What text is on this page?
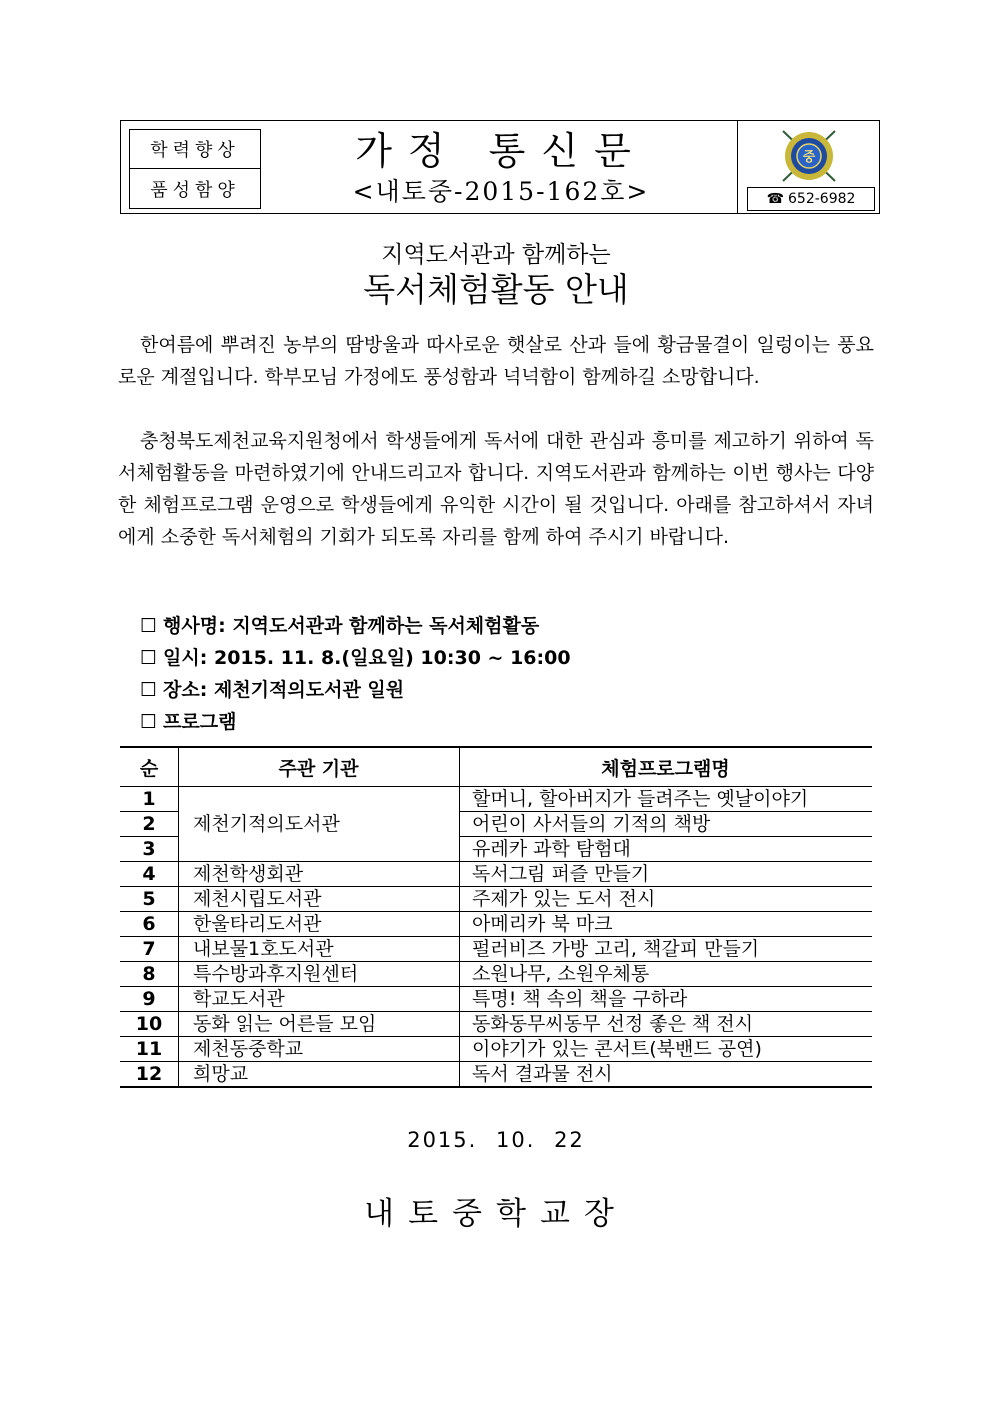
학력향상
품성함양
가정 통신문
<내토중-2015-162호>
중
☎ 652-6982
지역도서관과 함께하는
독서체험활동 안내

한여름에 뿌려진 농부의 땀방울과 따사로운 햇살로 산과 들에 황금물결이 일렁이는 풍요로운 계절입니다. 학부모님 가정에도 풍성함과 넉넉함이 함께하길 소망합니다.

충청북도제천교육지원청에서 학생들에게 독서에 대한 관심과 흥미를 제고하기 위하여 독서체험활동을 마련하였기에 안내드리고자 합니다. 지역도서관과 함께하는 이번 행사는 다양한 체험프로그램 운영으로 학생들에게 유익한 시간이 될 것입니다. 아래를 참고하셔서 자녀에게 소중한 독서체험의 기회가 되도록 자리를 함께 하여 주시기 바랍니다.

☐ 행사명: 지역도서관과 함께하는 독서체험활동
☐ 일시: 2015. 11. 8.(일요일) 10:30 ~ 16:00
☐ 장소: 제천기적의도서관 일원
☐ 프로그램
순	주관 기관	체험프로그램명
1	제천기적의도서관	할머니, 할아버지가 들려주는 옛날이야기
2		어린이 사서들의 기적의 책방
3		유레카 과학 탐험대
4	제천학생회관	독서그림 퍼즐 만들기
5	제천시립도서관	주제가 있는 도서 전시
6	한울타리도서관	아메리카 북 마크
7	내보물1호도서관	펄러비즈 가방 고리, 책갈피 만들기
8	특수방과후지원센터	소원나무, 소원우체통
9	학교도서관	특명! 책 속의 책을 구하라
10	동화 읽는 어른들 모임	동화동무씨동무 선정 좋은 책 전시
11	제천동중학교	이야기가 있는 콘서트(북밴드 공연)
12	희망교	독서 결과물 전시
2015. 10. 22
내토중학교장
